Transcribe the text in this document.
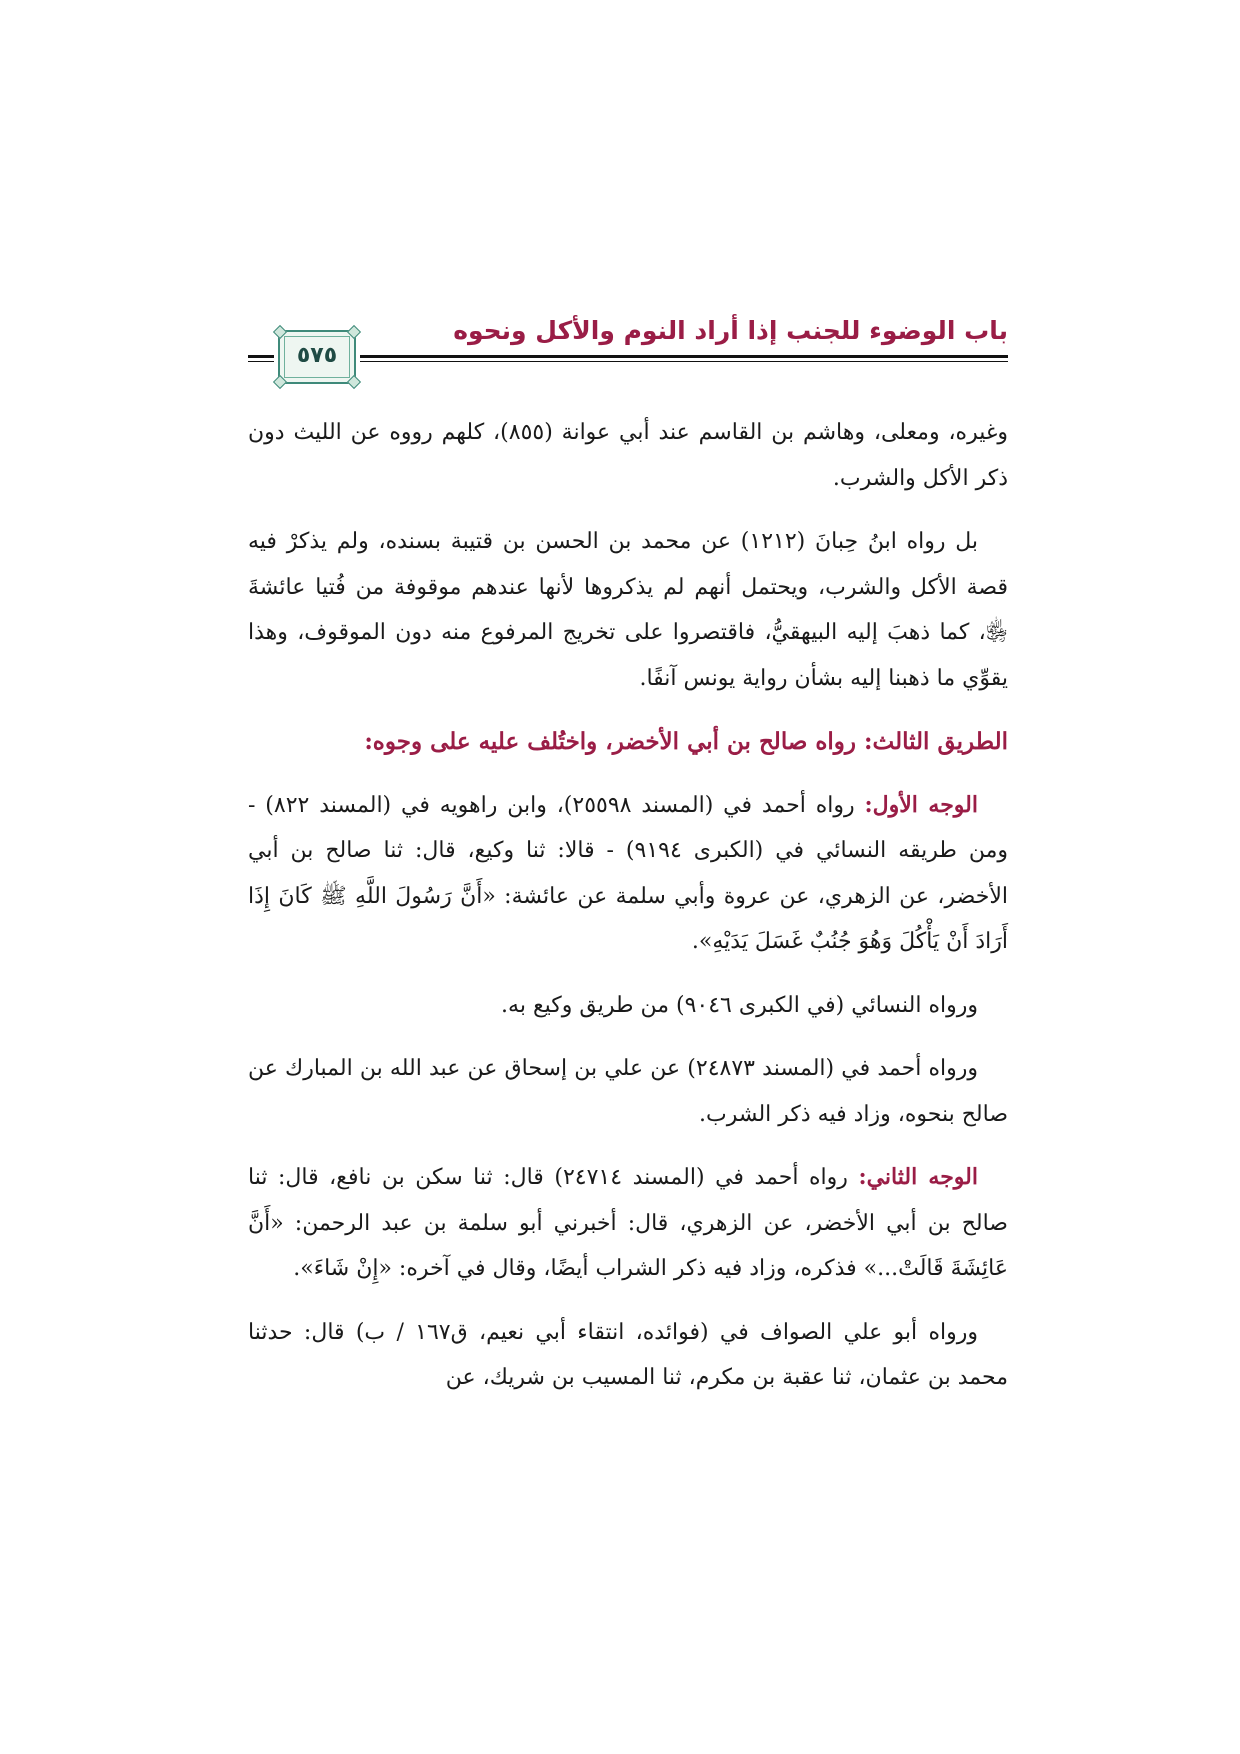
باب الوضوء للجنب إذا أراد النوم والأكل ونحوه
٥٧٥

وغيره، ومعلى، وهاشم بن القاسم عند أبي عوانة (٨٥٥)، كلهم رووه عن الليث دون ذكر الأكل والشرب.

بل رواه ابنُ حِبانَ (١٢١٢) عن محمد بن الحسن بن قتيبة بسنده، ولم يذكرْ فيه قصة الأكل والشرب، ويحتمل أنهم لم يذكروها لأنها عندهم موقوفة من فُتيا عائشةَ ﵂، كما ذهبَ إليه البيهقيُّ، فاقتصروا على تخريج المرفوع منه دون الموقوف، وهذا يقوِّي ما ذهبنا إليه بشأن رواية يونس آنفًا.

الطريق الثالث: رواه صالح بن أبي الأخضر، واختُلف عليه على وجوه:

الوجه الأول: رواه أحمد في (المسند ٢٥٥٩٨)، وابن راهويه في (المسند ٨٢٢) - ومن طريقه النسائي في (الكبرى ٩١٩٤) - قالا: ثنا وكيع، قال: ثنا صالح بن أبي الأخضر، عن الزهري، عن عروة وأبي سلمة عن عائشة: «أَنَّ رَسُولَ اللَّهِ ﷺ كَانَ إِذَا أَرَادَ أَنْ يَأْكُلَ وَهُوَ جُنُبٌ غَسَلَ يَدَيْهِ».

ورواه النسائي (في الكبرى ٩٠٤٦) من طريق وكيع به.

ورواه أحمد في (المسند ٢٤٨٧٣) عن علي بن إسحاق عن عبد الله بن المبارك عن صالح بنحوه، وزاد فيه ذكر الشرب.

الوجه الثاني: رواه أحمد في (المسند ٢٤٧١٤) قال: ثنا سكن بن نافع، قال: ثنا صالح بن أبي الأخضر، عن الزهري، قال: أخبرني أبو سلمة بن عبد الرحمن: «أَنَّ عَائِشَةَ قَالَتْ...» فذكره، وزاد فيه ذكر الشراب أيضًا، وقال في آخره: «إِنْ شَاءَ».

ورواه أبو علي الصواف في (فوائده، انتقاء أبي نعيم، ق١٦٧ / ب) قال: حدثنا محمد بن عثمان، ثنا عقبة بن مكرم، ثنا المسيب بن شريك، عن
